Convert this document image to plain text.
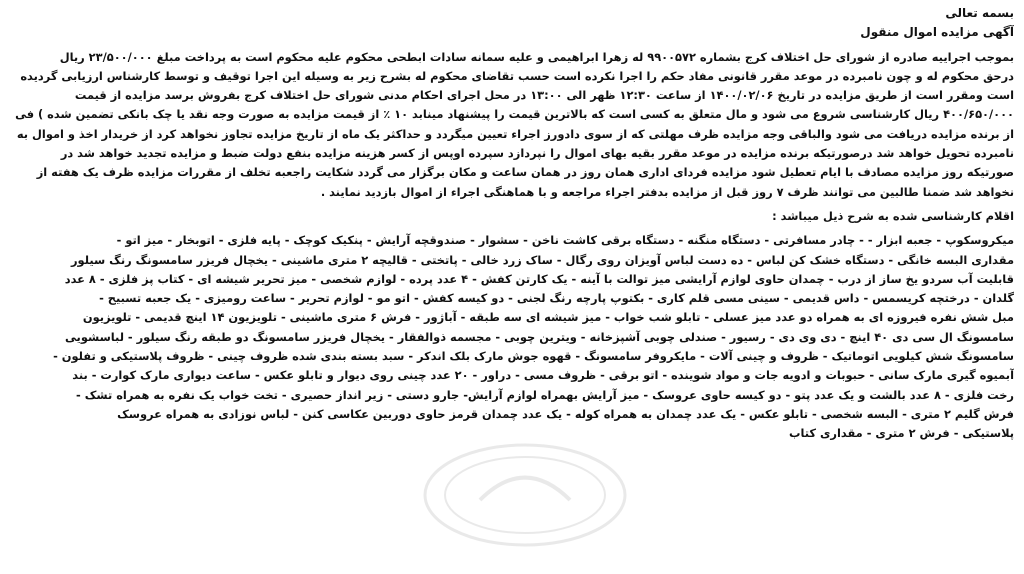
بسمه تع‍الی
آگهی مزایده اموال منقول
بموجب اجراییه صادره از شورای حل اختلاف کرج بشماره ۹۹۰۰۵۷۲ له زهرا ابراهیمی و علیه سمانه سادات ابطحی محکوم علیه محکوم است به پرداخت مبلغ ۲۳/۵۰۰/۰۰۰ ریال
درحق محکوم له و چون نامبرده در موعد مقرر قانونی مفاد حکم را اجرا نکرده است حسب تقاضای محکوم له بشرح زیر به وسیله این اجرا توقیف و توسط کارشناس ارزیابی گردیده
است ومقرر است از طریق مزایده در تاریخ ۱۴۰۰/۰۲/۰۶ از ساعت ۱۲:۳۰ ظهر الی ۱۳:۰۰ در محل اجرای احکام مدنی شورای حل اختلاف کرج بفروش برسد مزایده از قیمت
۴۰۰/۶۵۰/۰۰۰ ریال کارشناسی شروع می شود و مال متعلق به کسی است که بالاترین قیمت را پیشنهاد مینابد ۱۰ ٪ از قیمت مزایده به صورت وجه نقد یا چک بانکی تضمین شده ) فی
از برنده مزایده دریافت می شود والباقی وجه مزایده ظرف مهلتی که از سوی دادورز اجراء تعیین میگردد و حداکثر یک ماه از تاریخ مزایده تجاوز نخواهد کرد از خریدار اخذ و اموال به
نامبرده تحویل خواهد شد درصورتیکه برنده مزایده در موعد مقرر بقیه بهای اموال را نپردازد سپرده اوپس از کسر هزینه مزایده بنفع دولت ضبط و مزایده تجدید خواهد شد در
صورتیکه روز مزایده مصادف با ایام تعطیل شود مزایده فردای اداری همان روز در همان ساعت و مکان برگزار می گردد شکایت راجعبه تخلف از مقررات مزایده ظرف یک هفته از
نخواهد شد ضمنا طالبین می توانند ظرف ۷ روز قبل از مزایده بدفتر اجراء مراجعه و با هماهنگی اجراء از اموال بازدید نمایند .
اقلام کارشناسی شده به شرح ذیل میباشد :
میکروسکوپ - جعبه ابزار - - چادر مسافرتی - دستگاه منگنه - دستگاه برقی کاشت ناخن - سشوار - صندوقچه آرایش - پنکیک کوچک - پایه فلزی - اتوبخار - میز اتو -
مقداری البسه خانگی - دستگاه خشک کن لباس - ده دست لباس آویزان روی رگال - ساک زرد خالی - پاتختی - قالیچه ۲ متری ماشینی - یخچال فریزر سامسونگ رنگ سیلور
قابلیت آب سردو یخ ساز از درب - چمدان حاوی لوازم آرایشی میز توالت با آینه - یک کارتن کفش - ۴ عدد پرده - لوازم شخصی - میز تحریر شیشه ای - کتاب پز فلزی - ۸ عدد
گلدان - درختچه کریسمس - داس قدیمی - سینی مسی قلم کاری - بکتوپ پارچه رنگ لجنی - دو کیسه کفش - اتو مو - لوازم تحریر - ساعت رومیزی - یک جعبه تسبیح -
مبل شش نفره فیروزه ای به همراه دو عدد میز عسلی - تابلو شب خواب - میز شیشه ای سه طبقه - آباژور - فرش ۶ متری ماشینی - تلویزیون ۱۴ اینچ قدیمی - تلویزیون
سامسونگ ال سی دی ۴۰ اینچ - دی وی دی - رسیور - صندلی چوبی آشپزخانه - ویترین چوبی - مجسمه ذوالفقار - یخچال فریزر سامسونگ دو طبقه رنگ سیلور - لباسشویی
سامسونگ شش کیلویی اتوماتیک - ظروف و چینی آلات - مایکروفر سامسونگ - قهوه جوش مارک بلک اندکر - سبد بسته بندی شده ظروف چینی - ظروف پلاستیکی و تفلون -
آبمیوه گیری مارک سانی - حبوبات و ادویه جات و مواد شوینده - اتو برقی - ظروف مسی - دراور - ۲۰ عدد چینی روی دیوار و تابلو عکس - ساعت دیواری مارک کوارت - بند
رخت فلزی - ۸ عدد بالشت و یک عدد پتو - دو کیسه حاوی عروسک - میز آرایش بهمراه لوازم آرایش- جارو دستی - زیر انداز حصیری - تخت خواب یک نفره به همراه تشک -
فرش گلیم ۲ متری - البسه شخصی - تابلو عکس - یک عدد چمدان به همراه کوله - یک عدد چمدان قرمز حاوی دوربین عکاسی کنن - لباس نوزادی به همراه عروسک
پلاستیکی - فرش ۲ متری - مقداری کتاب
